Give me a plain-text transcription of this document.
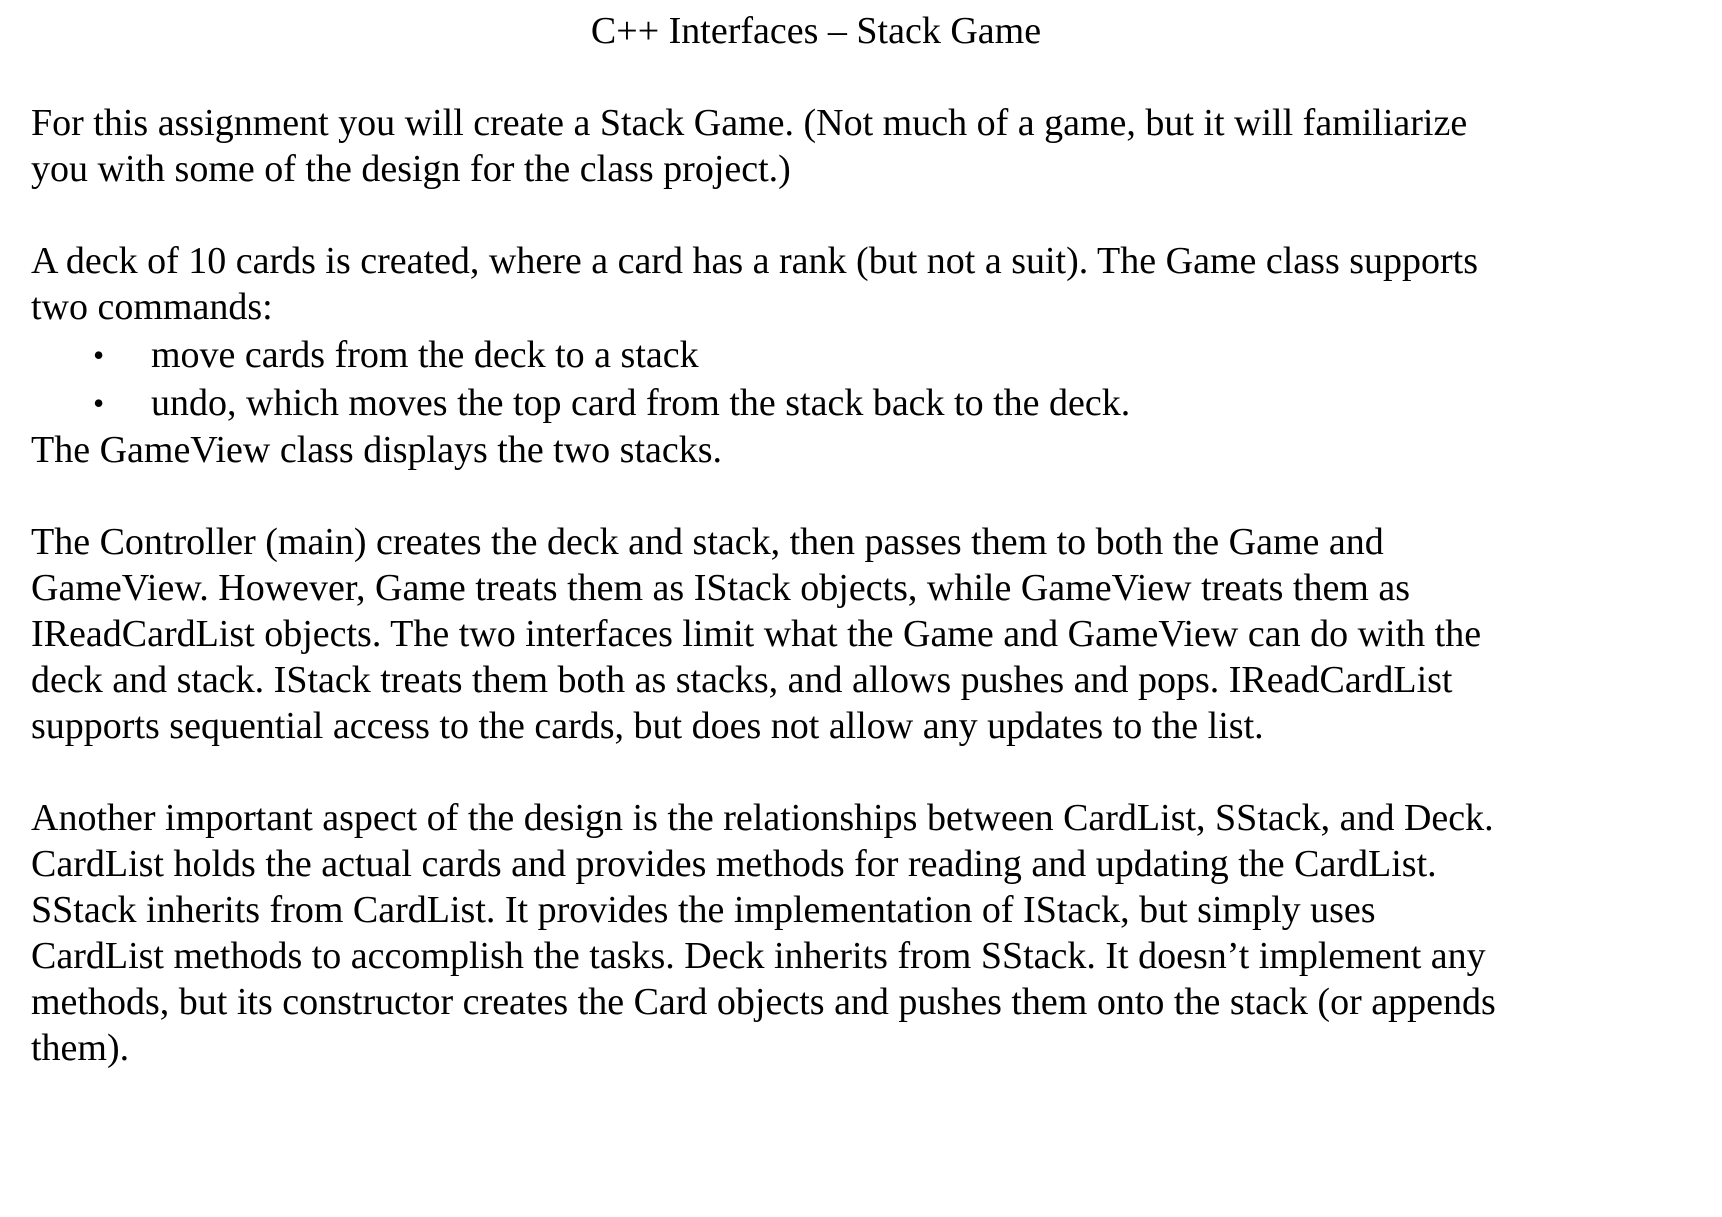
C++ Interfaces – Stack Game

For this assignment you will create a Stack Game. (Not much of a game, but it will familiarize

you with some of the design for the class project.)

A deck of 10 cards is created, where a card has a rank (but not a suit). The Game class supports

two commands:

• move cards from the deck to a stack
• undo, which moves the top card from the stack back to the deck.

The GameView class displays the two stacks.

The Controller (main) creates the deck and stack, then passes them to both the Game and

GameView. However, Game treats them as IStack objects, while GameView treats them as

IReadCardList objects. The two interfaces limit what the Game and GameView can do with the

deck and stack. IStack treats them both as stacks, and allows pushes and pops. IReadCardList

supports sequential access to the cards, but does not allow any updates to the list.

Another important aspect of the design is the relationships between CardList, SStack, and Deck.

CardList holds the actual cards and provides methods for reading and updating the CardList.

SStack inherits from CardList. It provides the implementation of IStack, but simply uses

CardList methods to accomplish the tasks. Deck inherits from SStack. It doesn’t implement any

methods, but its constructor creates the Card objects and pushes them onto the stack (or appends

them).
